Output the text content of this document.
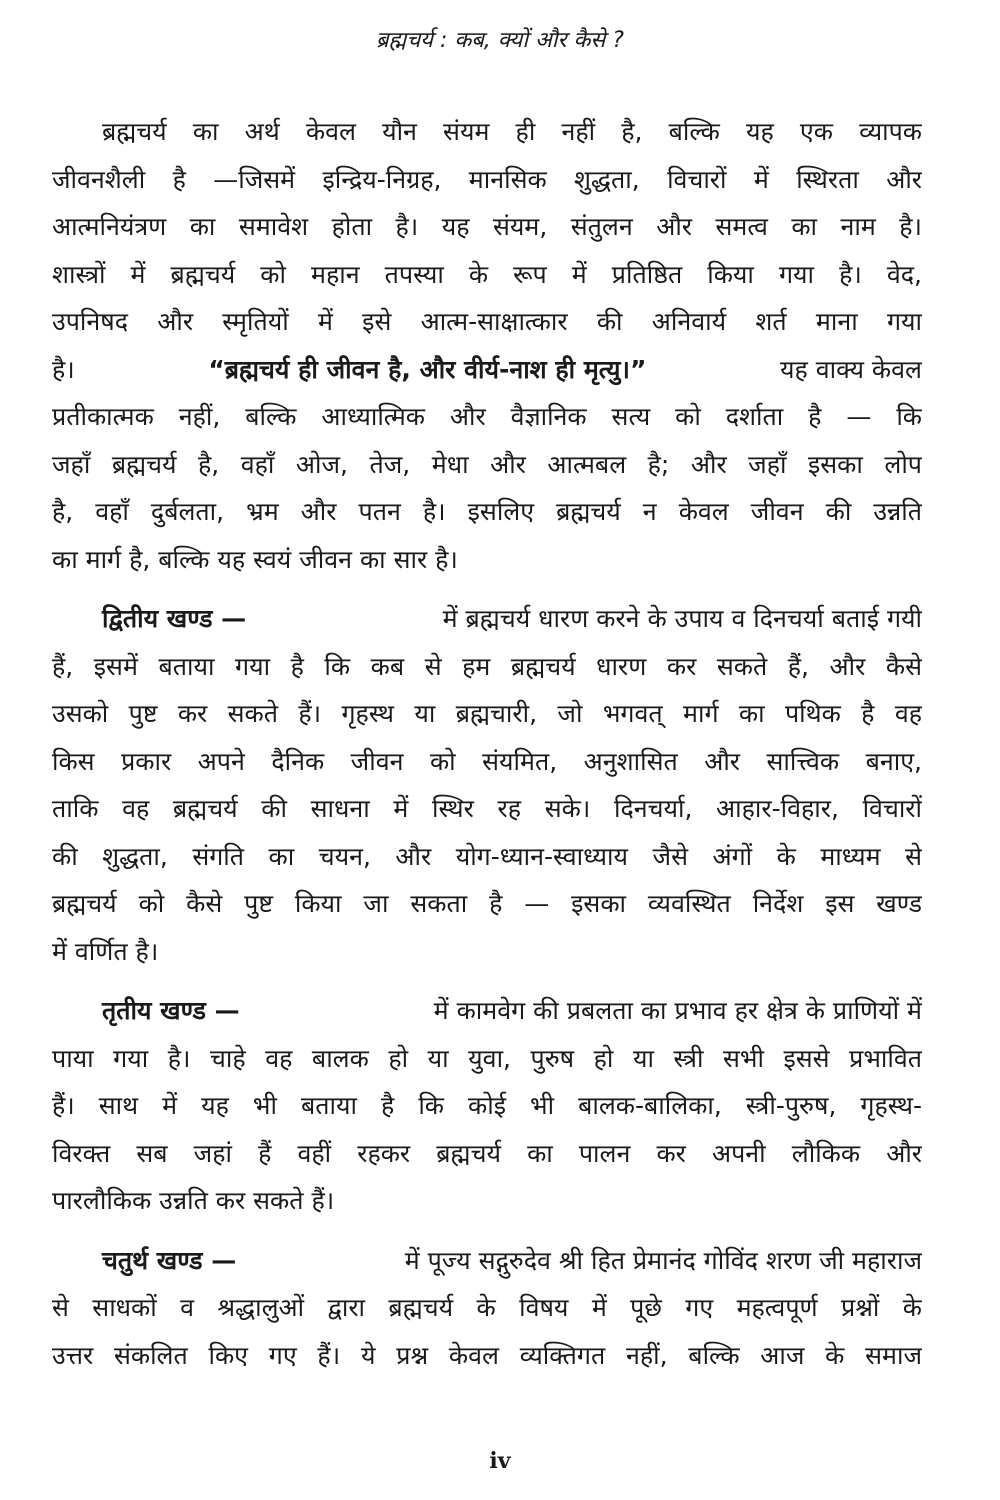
ब्रह्मचर्य : कब, क्यों और कैसे ?
ब्रह्मचर्य का अर्थ केवल यौन संयम ही नहीं है, बल्कि यह एक व्यापक
जीवनशैली है —जिसमें इन्द्रिय-निग्रह, मानसिक शुद्धता, विचारों में स्थिरता और
आत्मनियंत्रण का समावेश होता है। यह संयम, संतुलन और समत्व का नाम है।
शास्त्रों में ब्रह्मचर्य को महान तपस्या के रूप में प्रतिष्ठित किया गया है। वेद,
उपनिषद और स्मृतियों में इसे आत्म-साक्षात्कार की अनिवार्य शर्त माना गया
है।	“ब्रह्मचर्य ही जीवन है, और वीर्य-नाश ही मृत्यु।”	यह वाक्य केवल
प्रतीकात्मक नहीं, बल्कि आध्यात्मिक और वैज्ञानिक सत्य को दर्शाता है — कि
जहाँ ब्रह्मचर्य है, वहाँ ओज, तेज, मेधा और आत्मबल है; और जहाँ इसका लोप
है, वहाँ दुर्बलता, भ्रम और पतन है। इसलिए ब्रह्मचर्य न केवल जीवन की उन्नति
का मार्ग है, बल्कि यह स्वयं जीवन का सार है।
द्वितीय खण्ड —	में ब्रह्मचर्य धारण करने के उपाय व दिनचर्या बताई गयी
हैं, इसमें बताया गया है कि कब से हम ब्रह्मचर्य धारण कर सकते हैं, और कैसे
उसको पुष्ट कर सकते हैं। गृहस्थ या ब्रह्मचारी, जो भगवत् मार्ग का पथिक है वह
किस प्रकार अपने दैनिक जीवन को संयमित, अनुशासित और सात्त्विक बनाए,
ताकि वह ब्रह्मचर्य की साधना में स्थिर रह सके। दिनचर्या, आहार-विहार, विचारों
की शुद्धता, संगति का चयन, और योग-ध्यान-स्वाध्याय जैसे अंगों के माध्यम से
ब्रह्मचर्य को कैसे पुष्ट किया जा सकता है — इसका व्यवस्थित निर्देश इस खण्ड
में वर्णित है।
तृतीय खण्ड —	में कामवेग की प्रबलता का प्रभाव हर क्षेत्र के प्राणियों में
पाया गया है। चाहे वह बालक हो या युवा, पुरुष हो या स्त्री सभी इससे प्रभावित
हैं। साथ में यह भी बताया है कि कोई भी बालक-बालिका, स्त्री-पुरुष, गृहस्थ-
विरक्त सब जहां हैं वहीं रहकर ब्रह्मचर्य का पालन कर अपनी लौकिक और
पारलौकिक उन्नति कर सकते हैं।
चतुर्थ खण्ड —	में पूज्य सद्गुरुदेव श्री हित प्रेमानंद गोविंद शरण जी महाराज
से साधकों व श्रद्धालुओं द्वारा ब्रह्मचर्य के विषय में पूछे गए महत्वपूर्ण प्रश्नों के
उत्तर संकलित किए गए हैं। ये प्रश्न केवल व्यक्तिगत नहीं, बल्कि आज के समाज
iv
